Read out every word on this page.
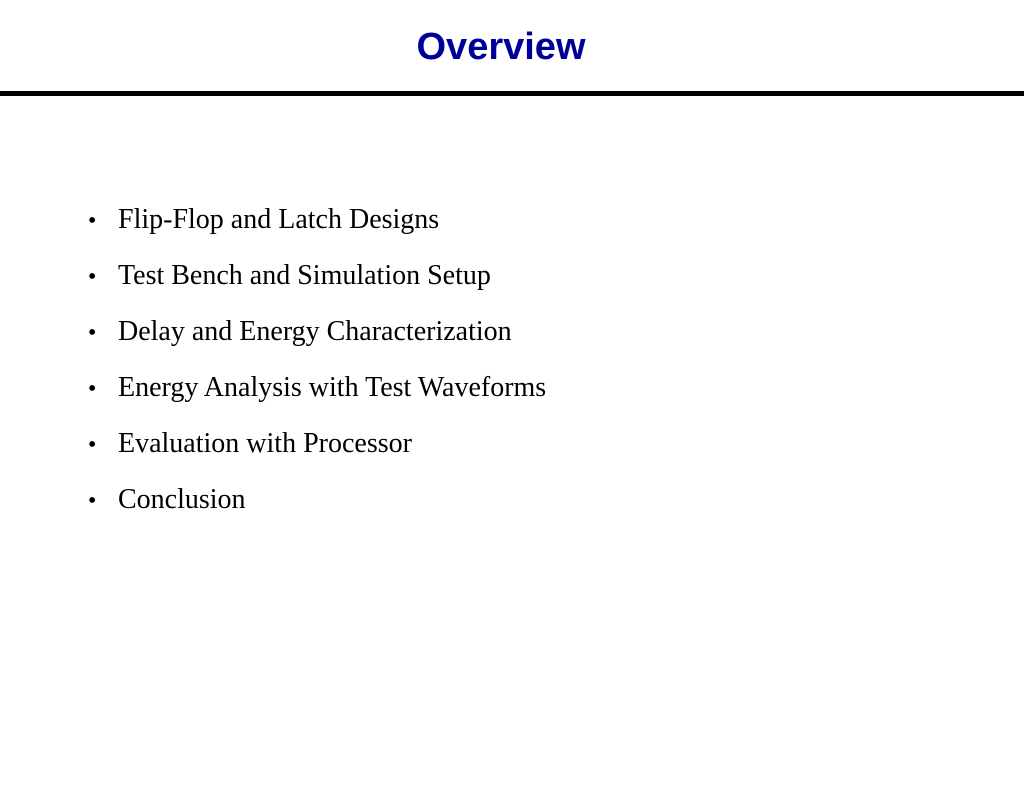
Overview
• Flip-Flop and Latch Designs
• Test Bench and Simulation Setup
• Delay and Energy Characterization
• Energy Analysis with Test Waveforms
• Evaluation with Processor
• Conclusion
